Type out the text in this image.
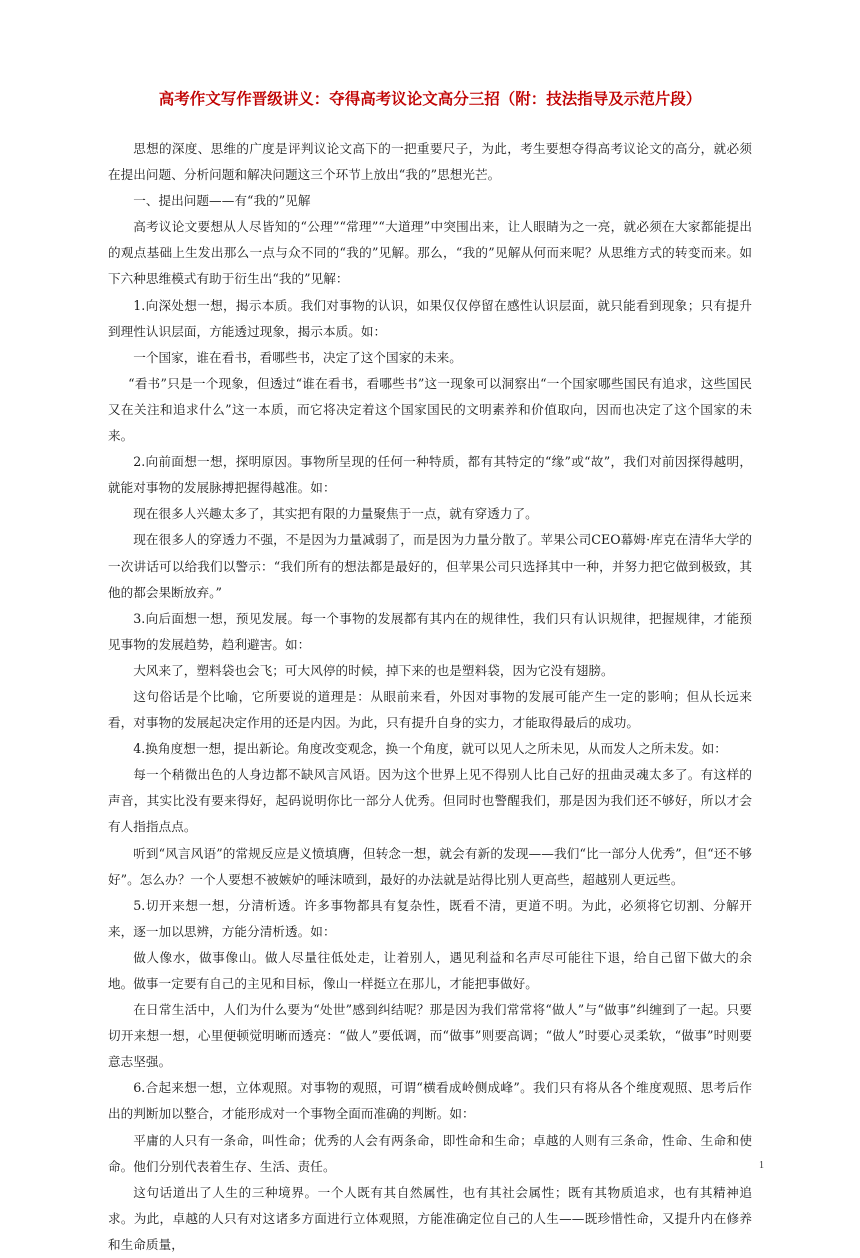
高考作文写作晋级讲义：夺得高考议论文高分三招（附：技法指导及示范片段）

思想的深度、思维的广度是评判议论文高下的一把重要尺子，为此，考生要想夺得高考议论文的高分，就必须在提出问题、分析问题和解决问题这三个环节上放出“我的”思想光芒。

一、提出问题——有“我的”见解

高考议论文要想从人尽皆知的“公理”“常理”“大道理”中突围出来，让人眼睛为之一亮，就必须在大家都能提出的观点基础上生发出那么一点与众不同的“我的”见解。那么，“我的”见解从何而来呢？从思维方式的转变而来。如下六种思维模式有助于衍生出“我的”见解：

1.向深处想一想，揭示本质。我们对事物的认识，如果仅仅停留在感性认识层面，就只能看到现象；只有提升到理性认识层面，方能透过现象，揭示本质。如：

一个国家，谁在看书，看哪些书，决定了这个国家的未来。

“看书”只是一个现象，但透过“谁在看书，看哪些书”这一现象可以洞察出“一个国家哪些国民有追求，这些国民又在关注和追求什么”这一本质，而它将决定着这个国家国民的文明素养和价值取向，因而也决定了这个国家的未来。

2.向前面想一想，探明原因。事物所呈现的任何一种特质，都有其特定的“缘”或“故”，我们对前因探得越明，就能对事物的发展脉搏把握得越准。如：

现在很多人兴趣太多了，其实把有限的力量聚焦于一点，就有穿透力了。

现在很多人的穿透力不强，不是因为力量减弱了，而是因为力量分散了。苹果公司CEO幕姆·库克在清华大学的一次讲话可以给我们以警示：“我们所有的想法都是最好的，但苹果公司只选择其中一种，并努力把它做到极致，其他的都会果断放弃。”

3.向后面想一想，预见发展。每一个事物的发展都有其内在的规律性，我们只有认识规律，把握规律，才能预见事物的发展趋势，趋利避害。如：

大风来了，塑料袋也会飞；可大风停的时候，掉下来的也是塑料袋，因为它没有翅膀。

这句俗话是个比喻，它所要说的道理是：从眼前来看，外因对事物的发展可能产生一定的影响；但从长远来看，对事物的发展起决定作用的还是内因。为此，只有提升自身的实力，才能取得最后的成功。

4.换角度想一想，提出新论。角度改变观念，换一个角度，就可以见人之所未见，从而发人之所未发。如：

每一个稍微出色的人身边都不缺风言风语。因为这个世界上见不得别人比自己好的扭曲灵魂太多了。有这样的声音，其实比没有要来得好，起码说明你比一部分人优秀。但同时也警醒我们，那是因为我们还不够好，所以才会有人指指点点。

听到“风言风语”的常规反应是义愤填膺，但转念一想，就会有新的发现——我们“比一部分人优秀”，但“还不够好”。怎么办？一个人要想不被嫉妒的唾沫喷到，最好的办法就是站得比别人更高些，超越别人更远些。

5.切开来想一想，分清析透。许多事物都具有复杂性，既看不清，更道不明。为此，必须将它切割、分解开来，逐一加以思辨，方能分清析透。如：

做人像水，做事像山。做人尽量往低处走，让着别人，遇见利益和名声尽可能往下退，给自己留下做大的余地。做事一定要有自己的主见和目标，像山一样挺立在那儿，才能把事做好。

在日常生活中，人们为什么要为“处世”感到纠结呢？那是因为我们常常将“做人”与“做事”纠缠到了一起。只要切开来想一想，心里便顿觉明晰而透亮：“做人”要低调，而“做事”则要高调；“做人”时要心灵柔软，“做事”时则要意志坚强。

6.合起来想一想，立体观照。对事物的观照，可谓“横看成岭侧成峰”。我们只有将从各个维度观照、思考后作出的判断加以整合，才能形成对一个事物全面而准确的判断。如：

平庸的人只有一条命，叫性命；优秀的人会有两条命，即性命和生命；卓越的人则有三条命，性命、生命和使命。他们分别代表着生存、生活、责任。

这句话道出了人生的三种境界。一个人既有其自然属性，也有其社会属性；既有其物质追求，也有其精神追求。为此，卓越的人只有对这诸多方面进行立体观照，方能准确定位自己的人生——既珍惜性命，又提升内在修养和生命质量，

1
